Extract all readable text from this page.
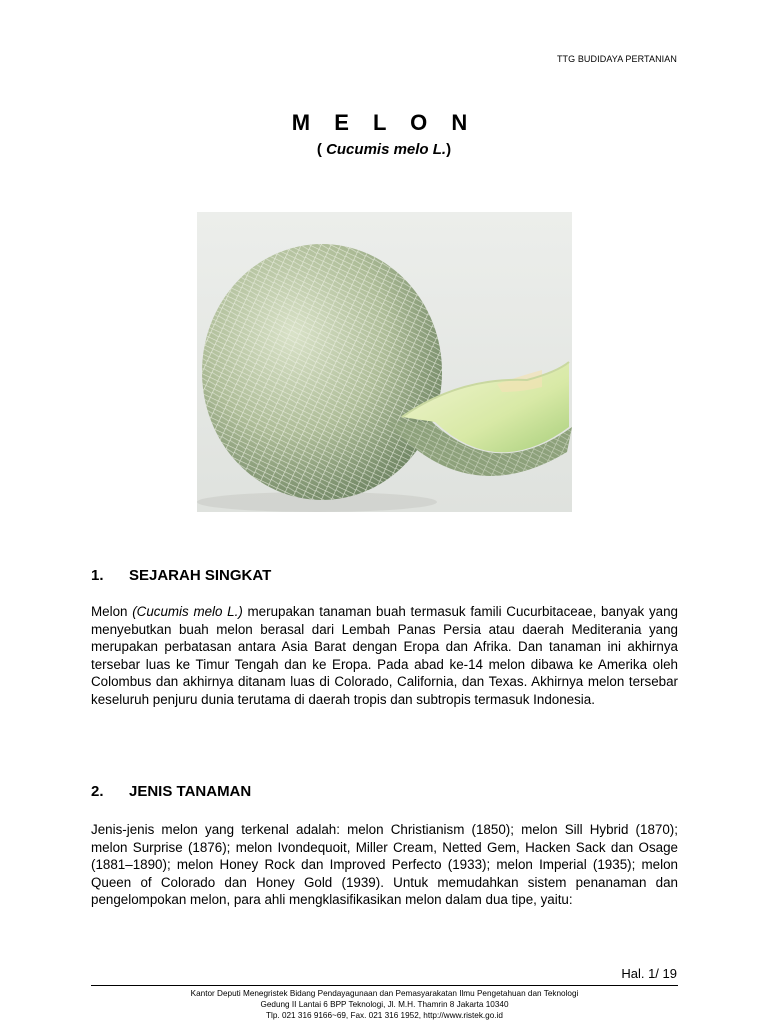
TTG BUDIDAYA PERTANIAN
M E L O N
( Cucumis melo L.)
1. SEJARAH SINGKAT

Melon (Cucumis melo L.) merupakan tanaman buah termasuk famili Cucurbitaceae, banyak yang menyebutkan buah melon berasal dari Lembah Panas Persia atau daerah Mediterania yang merupakan perbatasan antara Asia Barat dengan Eropa dan Afrika. Dan tanaman ini akhirnya tersebar luas ke Timur Tengah dan ke Eropa. Pada abad ke-14 melon dibawa ke Amerika oleh Colombus dan akhirnya ditanam luas di Colorado, California, dan Texas. Akhirnya melon tersebar keseluruh penjuru dunia terutama di daerah tropis dan subtropis termasuk Indonesia.

2. JENIS TANAMAN

Jenis-jenis melon yang terkenal adalah: melon Christianism (1850); melon Sill Hybrid (1870); melon Surprise (1876); melon Ivondequoit, Miller Cream, Netted Gem, Hacken Sack dan Osage (1881–1890); melon Honey Rock dan Improved Perfecto (1933); melon Imperial (1935); melon Queen of Colorado dan Honey Gold (1939). Untuk memudahkan sistem penanaman dan pengelompokan melon, para ahli mengklasifikasikan melon dalam dua tipe, yaitu:

Hal. 1/ 19
Kantor Deputi Menegristek Bidang Pendayagunaan dan Pemasyarakatan Ilmu Pengetahuan dan Teknologi
Gedung II Lantai 6 BPP Teknologi, Jl. M.H. Thamrin 8 Jakarta 10340
Tlp. 021 316 9166~69, Fax. 021 316 1952, http://www.ristek.go.id
